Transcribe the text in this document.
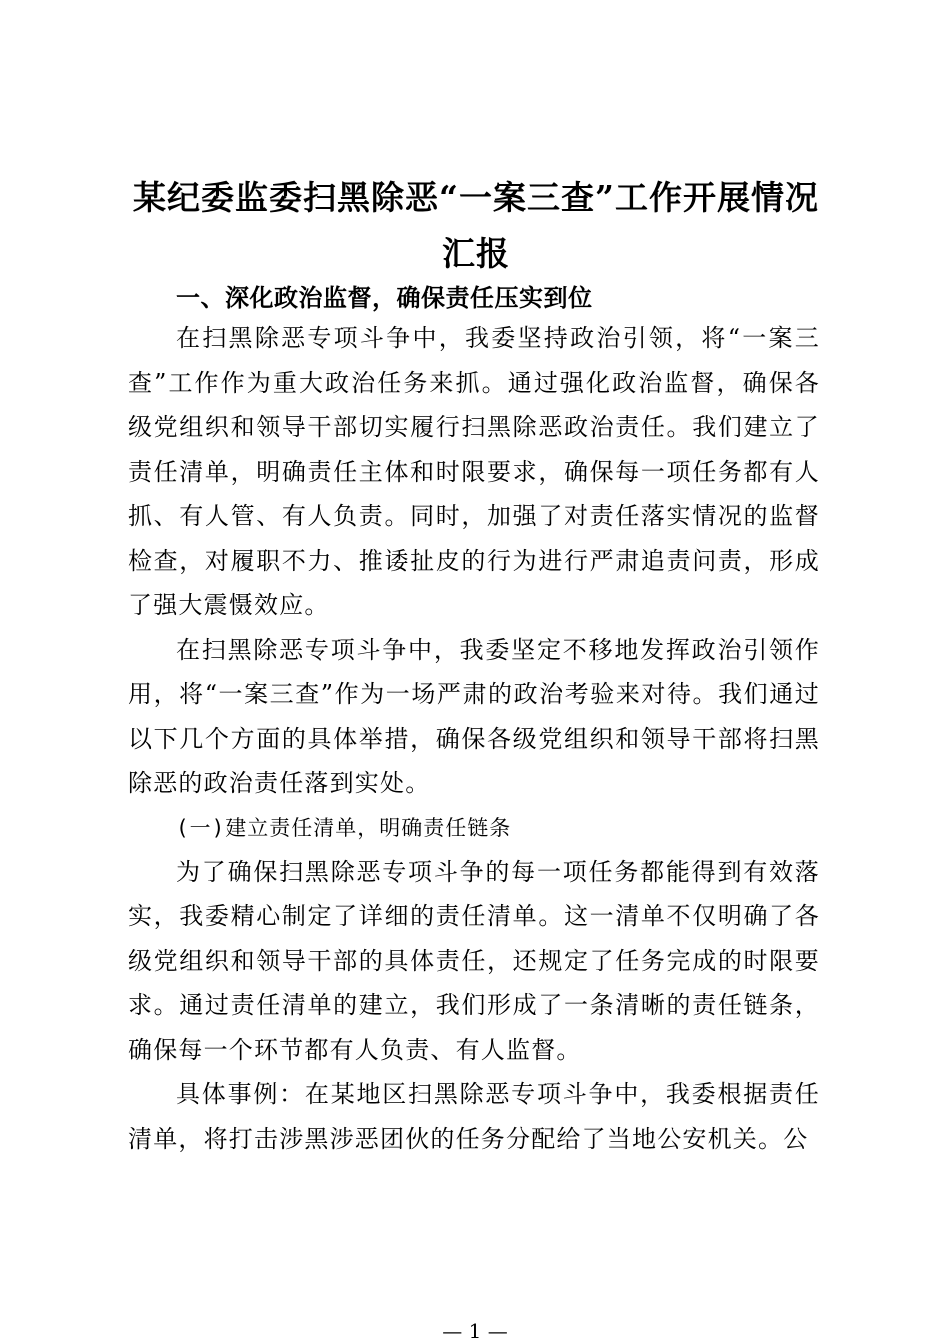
某纪委监委扫黑除恶“一案三查”工作开展情况汇报

一、深化政治监督，确保责任压实到位

在扫黑除恶专项斗争中，我委坚持政治引领，将“一案三查”工作作为重大政治任务来抓。通过强化政治监督，确保各级党组织和领导干部切实履行扫黑除恶政治责任。我们建立了责任清单，明确责任主体和时限要求，确保每一项任务都有人抓、有人管、有人负责。同时，加强了对责任落实情况的监督检查，对履职不力、推诿扯皮的行为进行严肃追责问责，形成了强大震慑效应。

在扫黑除恶专项斗争中，我委坚定不移地发挥政治引领作用，将“一案三查”作为一场严肃的政治考验来对待。我们通过以下几个方面的具体举措，确保各级党组织和领导干部将扫黑除恶的政治责任落到实处。

(一)建立责任清单，明确责任链条

为了确保扫黑除恶专项斗争的每一项任务都能得到有效落实，我委精心制定了详细的责任清单。这一清单不仅明确了各级党组织和领导干部的具体责任，还规定了任务完成的时限要求。通过责任清单的建立，我们形成了一条清晰的责任链条，确保每一个环节都有人负责、有人监督。

具体事例：在某地区扫黑除恶专项斗争中，我委根据责任清单，将打击涉黑涉恶团伙的任务分配给了当地公安机关。公

— 1 —
